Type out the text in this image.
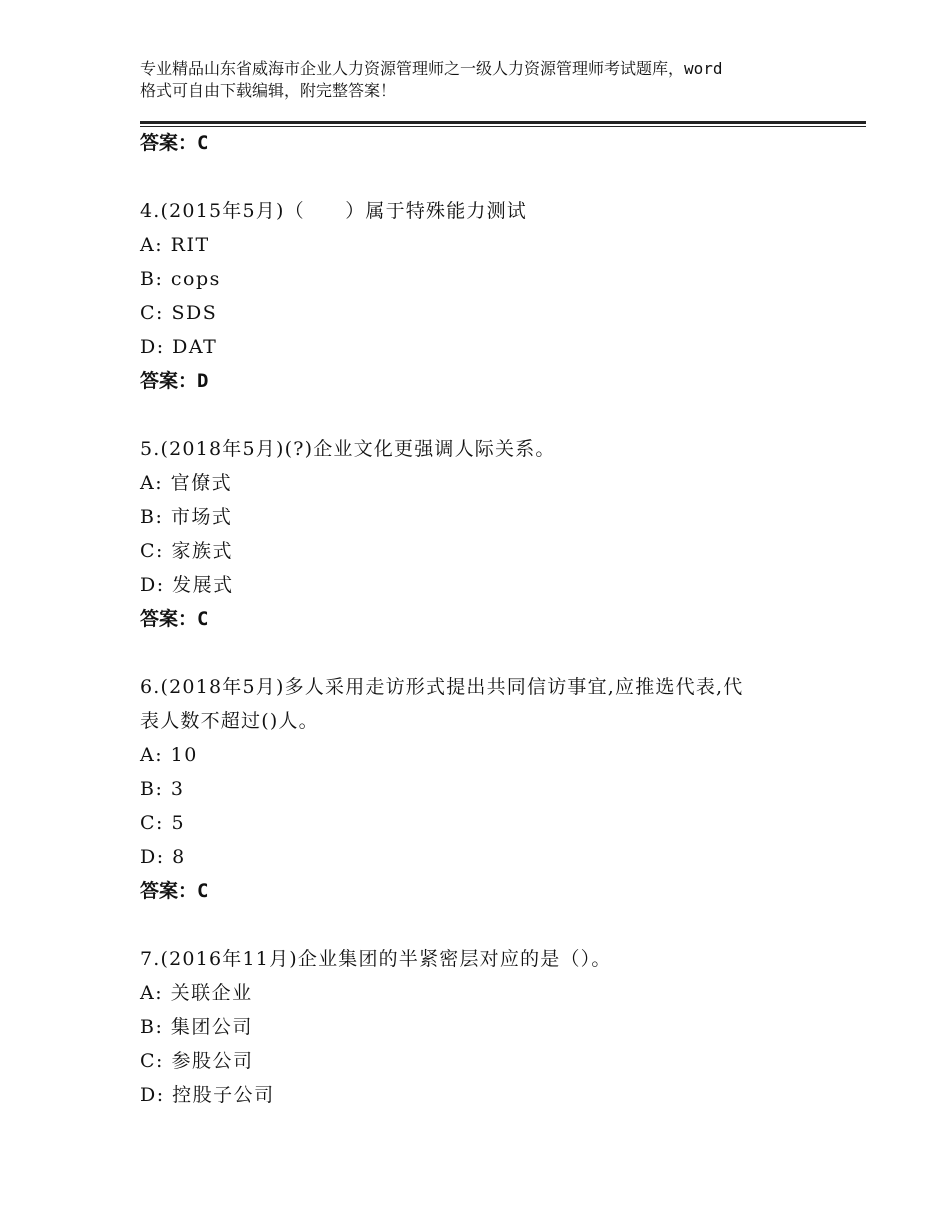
专业精品山东省威海市企业人力资源管理师之一级人力资源管理师考试题库，word
格式可自由下载编辑，附完整答案！
答案：C
4.(2015年5月)（　　）属于特殊能力测试
A: RIT
B: cops
C: SDS
D: DAT
答案：D
5.(2018年5月)(?)企业文化更强调人际关系。
A: 官僚式
B: 市场式
C: 家族式
D: 发展式
答案：C
6.(2018年5月)多人采用走访形式提出共同信访事宜,应推选代表,代
表人数不超过()人。
A: 10
B: 3
C: 5
D: 8
答案：C
7.(2016年11月)企业集团的半紧密层对应的是（）。
A: 关联企业
B: 集团公司
C: 参股公司
D: 控股子公司
